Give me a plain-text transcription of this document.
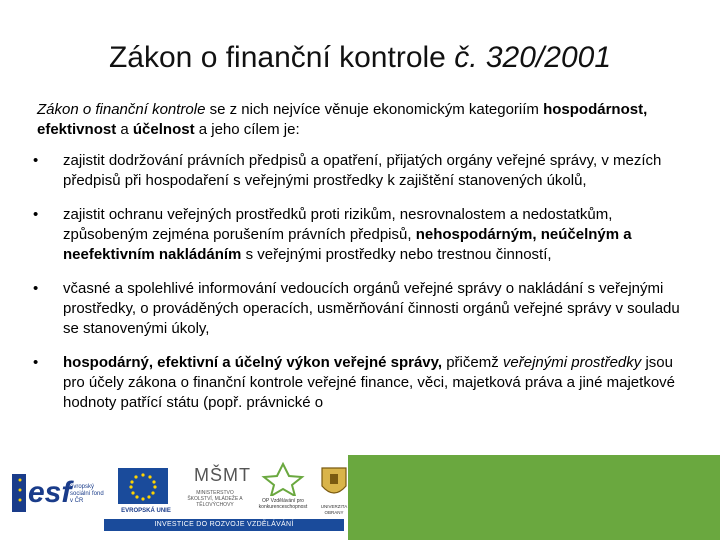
Zákon o finanční kontrole č. 320/2001
Zákon o finanční kontrole se z nich nejvíce věnuje ekonomickým kategoriím hospodárnost, efektivnost a účelnost a jeho cílem je:
• zajistit dodržování právních předpisů a opatření, přijatých orgány veřejné správy, v mezích předpisů při hospodaření s veřejnými prostředky k zajištění stanovených úkolů,
• zajistit ochranu veřejných prostředků proti rizikům, nesrovnalostem a nedostatkům, způsobeným zejména porušením právních předpisů, nehospodárným, neúčelným a neefektivním nakládáním s veřejnými prostředky nebo trestnou činností,
• včasné a spolehlivé informování vedoucích orgánů veřejné správy o nakládání s veřejnými prostředky, o prováděných operacích, usměrňování činnosti orgánů veřejné správy v souladu se stanovenými úkoly,
• hospodárný, efektivní a účelný výkon veřejné správy, přičemž veřejnými prostředky jsou pro účely zákona o finanční kontrole veřejné finance, věci, majetková práva a jiné majetkové hodnoty patřící státu (popř. právnické o
esf
evropský sociální fond v ČR
EVROPSKÁ UNIE
MŠMT
MINISTERSTVO ŠKOLSTVÍ, MLÁDEŽE A TĚLOVÝCHOVY
OP Vzdělávání pro konkurenceschopnost	UNIVERZITA OBRANY
INVESTICE DO ROZVOJE VZDĚLÁVÁNÍ
